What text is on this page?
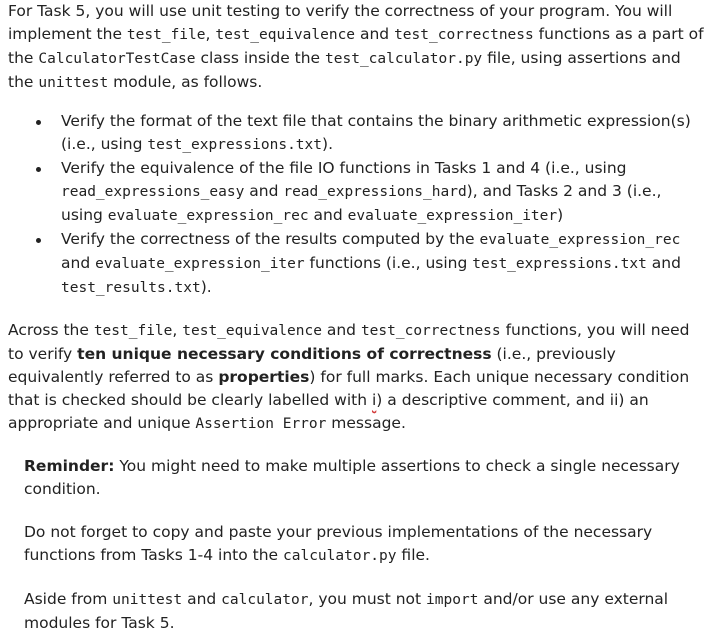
For Task 5, you will use unit testing to verify the correctness of your program. You will implement the test_file, test_equivalence and test_correctness functions as a part of the CalculatorTestCase class inside the test_calculator.py file, using assertions and the unittest module, as follows.

Verify the format of the text file that contains the binary arithmetic expression(s) (i.e., using test_expressions.txt).
Verify the equivalence of the file IO functions in Tasks 1 and 4 (i.e., using read_expressions_easy and read_expressions_hard), and Tasks 2 and 3 (i.e., using evaluate_expression_rec and evaluate_expression_iter)
Verify the correctness of the results computed by the evaluate_expression_rec and evaluate_expression_iter functions (i.e., using test_expressions.txt and test_results.txt).

Across the test_file, test_equivalence and test_correctness functions, you will need to verify ten unique necessary conditions of correctness (i.e., previously equivalently referred to as properties) for full marks. Each unique necessary condition that is checked should be clearly labelled with i) a descriptive comment, and ii) an appropriate and unique Assertion Error message.

Reminder: You might need to make multiple assertions to check a single necessary condition.

Do not forget to copy and paste your previous implementations of the necessary functions from Tasks 1-4 into the calculator.py file.

Aside from unittest and calculator, you must not import and/or use any external modules for Task 5.
